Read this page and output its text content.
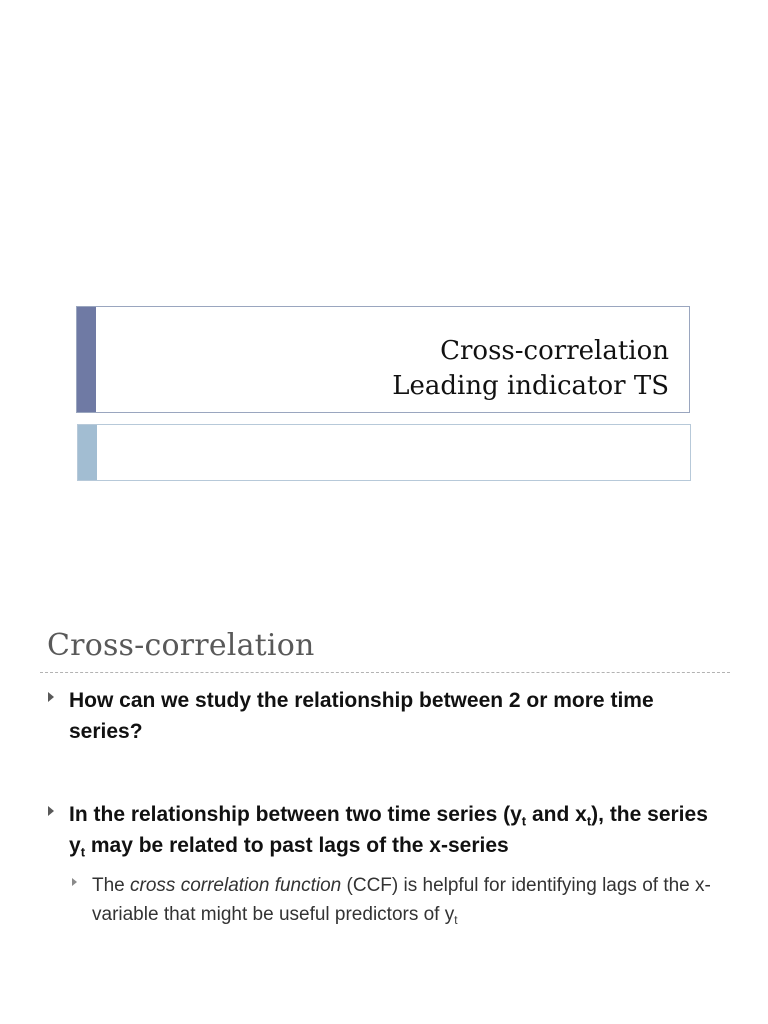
Cross-correlation
Leading indicator TS
Cross-correlation
How can we study the relationship between 2 or more time series?
In the relationship between two time series ($y_t$ and $x_t$), the series $y_t$ may be related to past lags of the x-series
The cross correlation function (CCF) is helpful for identifying lags of the x-variable that might be useful predictors of $y_t$
